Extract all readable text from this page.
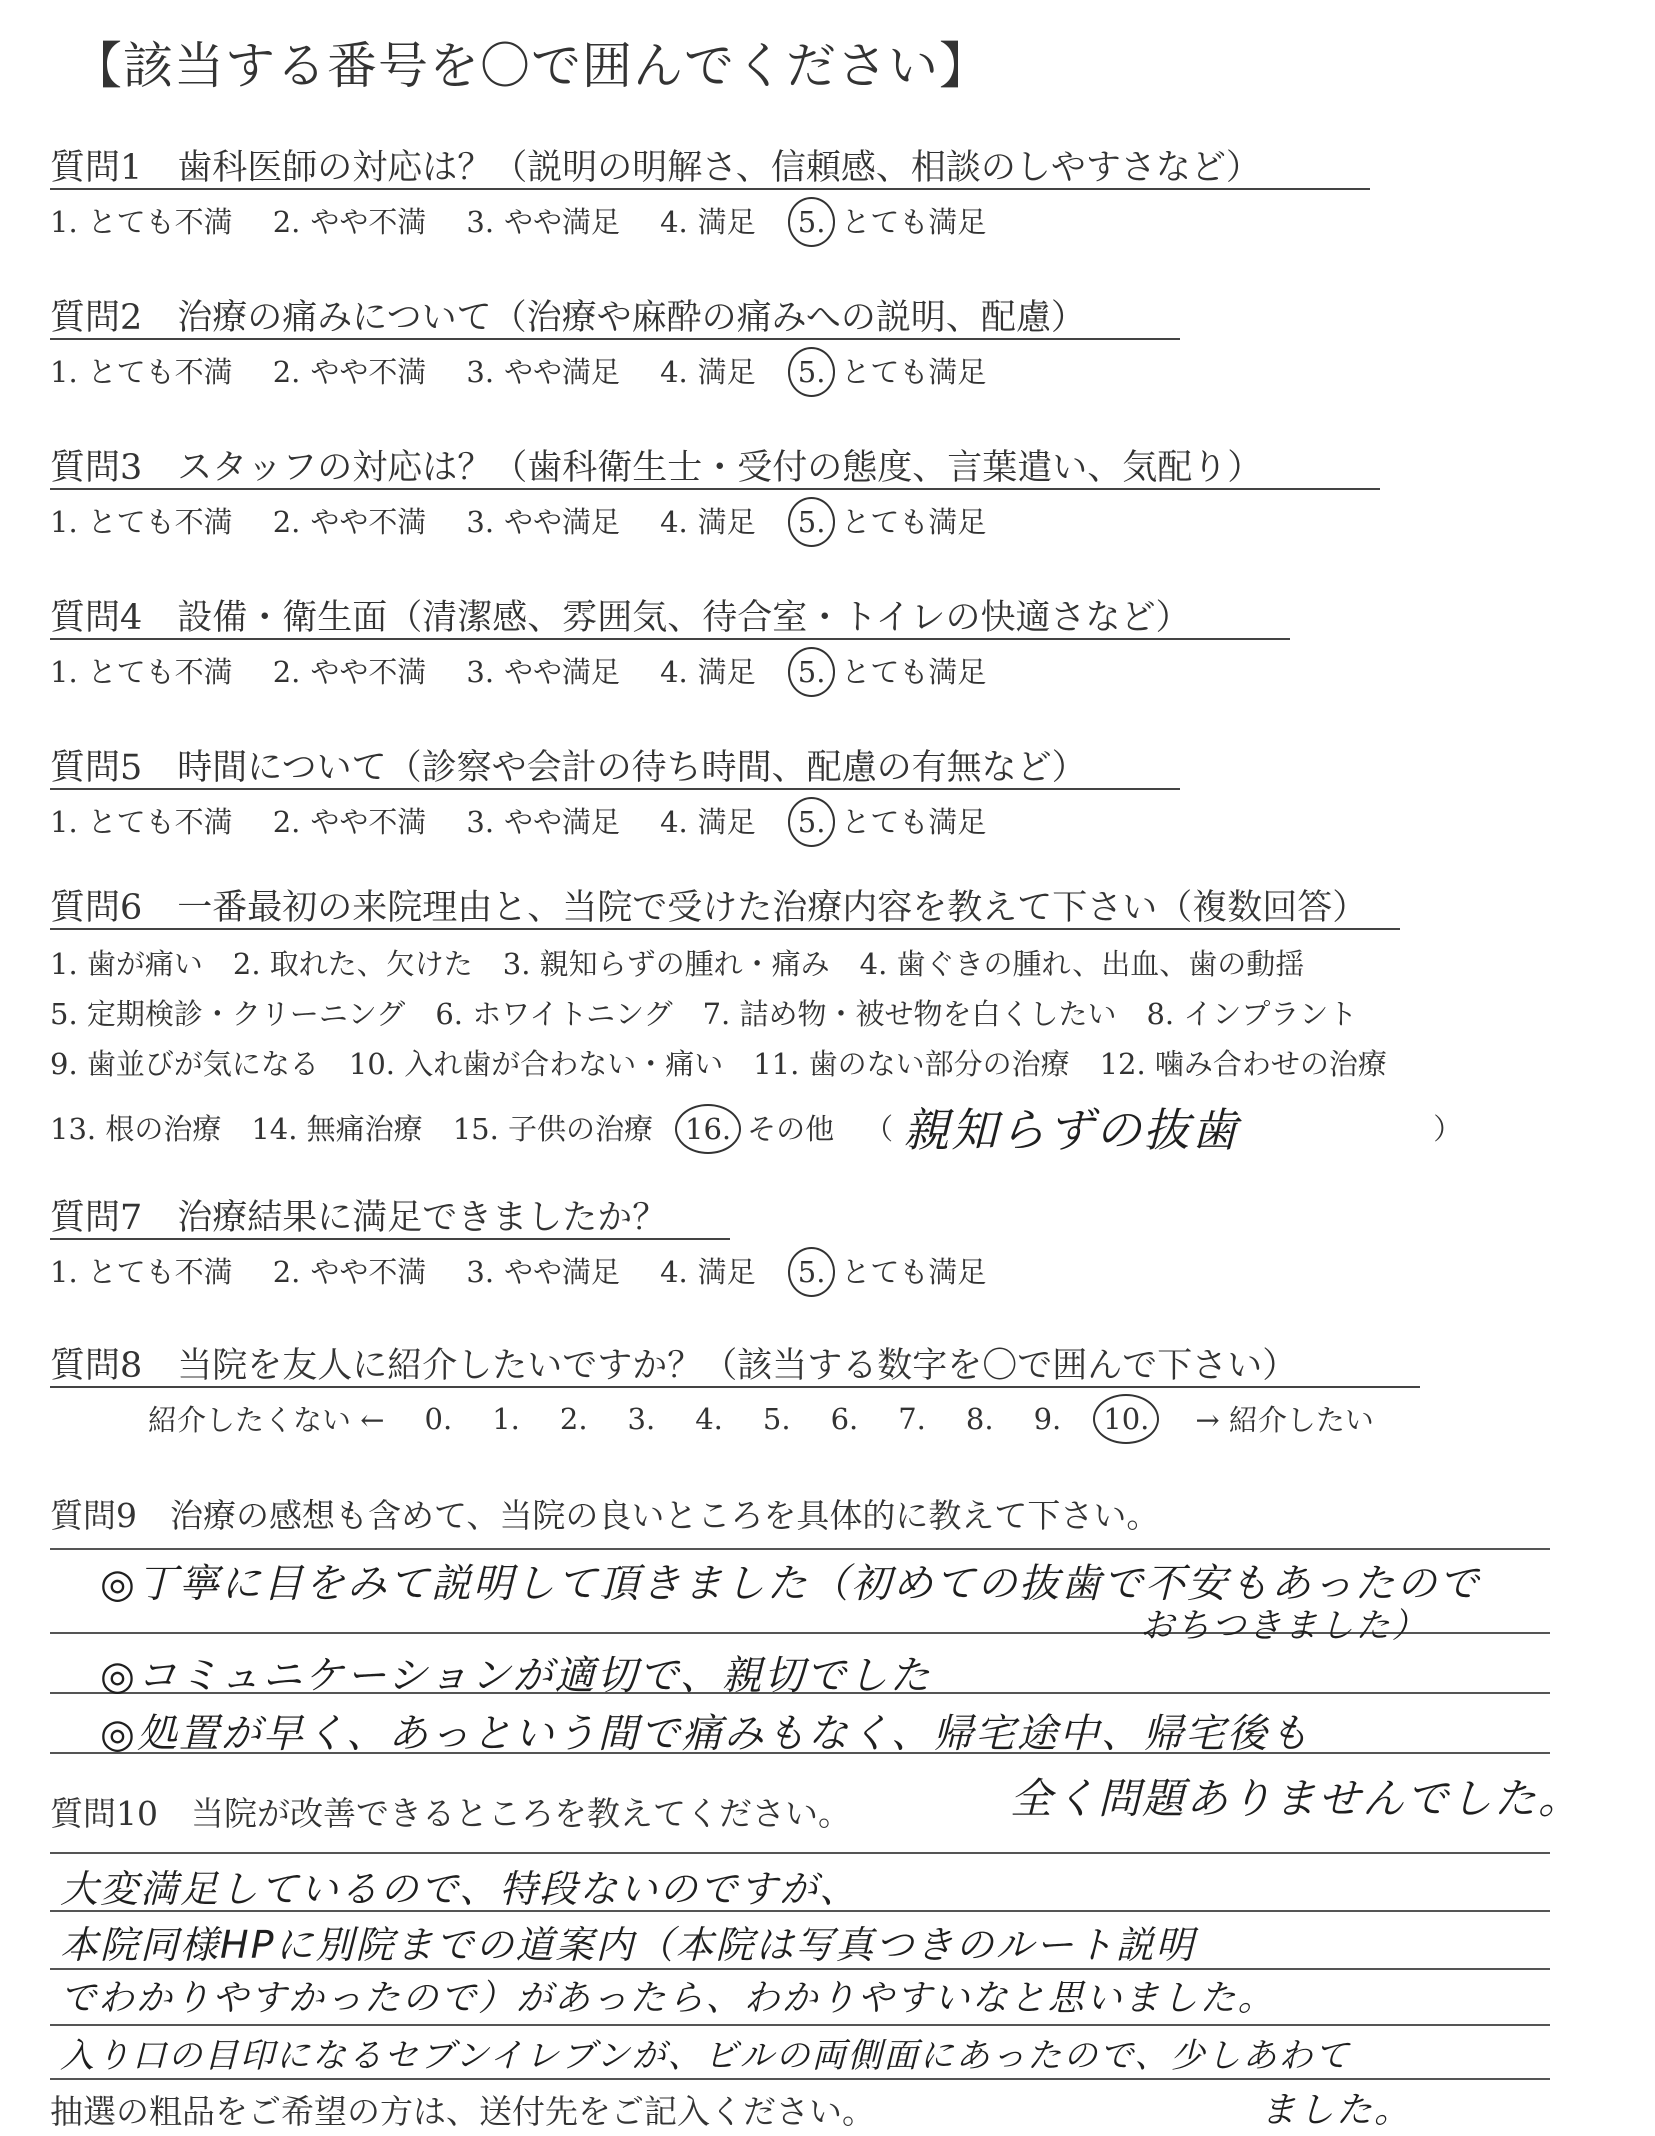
【該当する番号を〇で囲んでください】
質問1　歯科医師の対応は？（説明の明解さ、信頼感、相談のしやすさなど）
1. とても不満 2. やや不満 3. やや満足 4. 満足	5. とても満足
質問2　治療の痛みについて（治療や麻酔の痛みへの説明、配慮）
1. とても不満 2. やや不満 3. やや満足 4. 満足	5. とても満足
質問3　スタッフの対応は？（歯科衛生士・受付の態度、言葉遣い、気配り）
1. とても不満 2. やや不満 3. やや満足 4. 満足	5. とても満足
質問4　設備・衛生面（清潔感、雰囲気、待合室・トイレの快適さなど）
1. とても不満 2. やや不満 3. やや満足 4. 満足	5. とても満足
質問5　時間について（診察や会計の待ち時間、配慮の有無など）
1. とても不満 2. やや不満 3. やや満足 4. 満足	5. とても満足
質問6　一番最初の来院理由と、当院で受けた治療内容を教えて下さい（複数回答）
1. 歯が痛い 2. 取れた、欠けた 3. 親知らずの腫れ・痛み 4. 歯ぐきの腫れ、出血、歯の動揺
5. 定期検診・クリーニング 6. ホワイトニング 7. 詰め物・被せ物を白くしたい 8. インプラント
9. 歯並びが気になる 10. 入れ歯が合わない・痛い 11. 歯のない部分の治療 12. 噛み合わせの治療
13. 根の治療 14. 無痛治療 15. 子供の治療	16. その他 （ 親知らずの抜歯	）
質問7　治療結果に満足できましたか？
1. とても不満 2. やや不満 3. やや満足 4. 満足	5. とても満足
質問8　当院を友人に紹介したいですか？（該当する数字を〇で囲んで下さい）
紹介したくない ← 0. 1. 2. 3. 4. 5. 6. 7. 8. 9.	10.	→ 紹介したい
質問9　治療の感想も含めて、当院の良いところを具体的に教えて下さい。
◎丁寧に目をみて説明して頂きました（初めての抜歯で不安もあったので
おちつきました）
◎コミュニケーションが適切で、親切でした
◎処置が早く、あっという間で痛みもなく、帰宅途中、帰宅後も
全く問題ありませんでした。
質問10　当院が改善できるところを教えてください。
大変満足しているので、特段ないのですが、
本院同様HPに別院までの道案内（本院は写真つきのルート説明
でわかりやすかったので）があったら、わかりやすいなと思いました。
入り口の目印になるセブンイレブンが、ビルの両側面にあったので、少しあわて
ました。
抽選の粗品をご希望の方は、送付先をご記入ください。
